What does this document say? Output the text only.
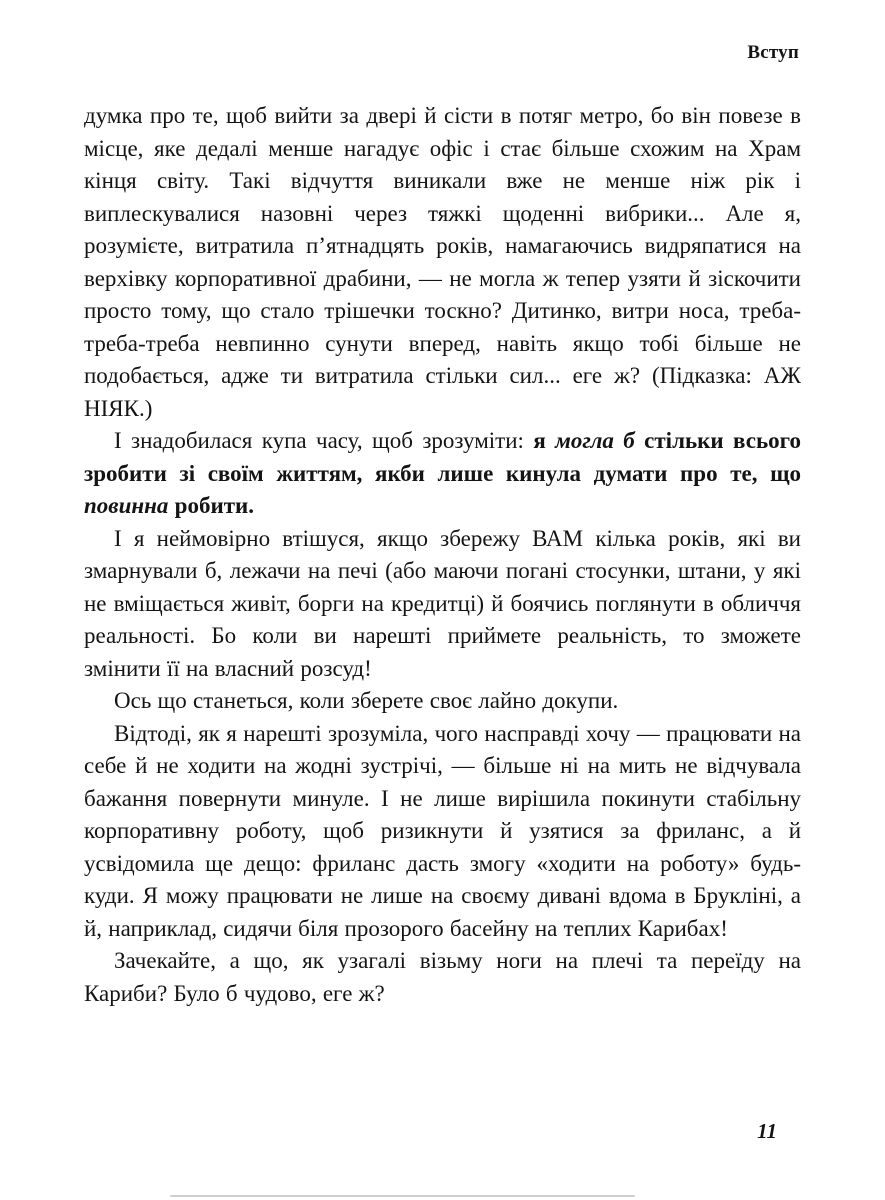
Вступ

думка про те, щоб вийти за двері й сісти в потяг метро, бо він повезе в місце, яке дедалі менше нагадує офіс і стає більше схожим на Храм кінця світу. Такі відчуття виникали вже не менше ніж рік і виплескувалися назовні через тяжкі щоденні вибрики... Але я, розумієте, витратила п’ятнадцять років, намагаючись видряпатися на верхівку корпоративної драбини, — не могла ж тепер узяти й зіскочити просто тому, що стало трішечки тоскно? Дитинко, витри носа, треба-треба-треба невпинно сунути вперед, навіть якщо тобі більше не подобається, адже ти витратила стільки сил... еге ж? (Підказка: АЖ НІЯК.)

І знадобилася купа часу, щоб зрозуміти: я могла б стільки всього зробити зі своїм життям, якби лише кинула думати про те, що повинна робити.

І я неймовірно втішуся, якщо збережу ВАМ кілька років, які ви змарнували б, лежачи на печі (або маючи погані стосунки, штани, у які не вміщається живіт, борги на кредитці) й боячись поглянути в обличчя реальності. Бо коли ви нарешті приймете реальність, то зможете змінити її на власний розсуд!

Ось що станеться, коли зберете своє лайно докупи.

Відтоді, як я нарешті зрозуміла, чого насправді хочу — працювати на себе й не ходити на жодні зустрічі, — більше ні на мить не відчувала бажання повернути минуле. І не лише вирішила покинути стабільну корпоративну роботу, щоб ризикнути й узятися за фриланс, а й усвідомила ще дещо: фриланс дасть змогу «ходити на роботу» будь-куди. Я можу працювати не лише на своєму дивані вдома в Брукліні, а й, наприклад, сидячи біля прозорого басейну на теплих Карибах!

Зачекайте, а що, як узагалі візьму ноги на плечі та переїду на Кариби? Було б чудово, еге ж?

11
